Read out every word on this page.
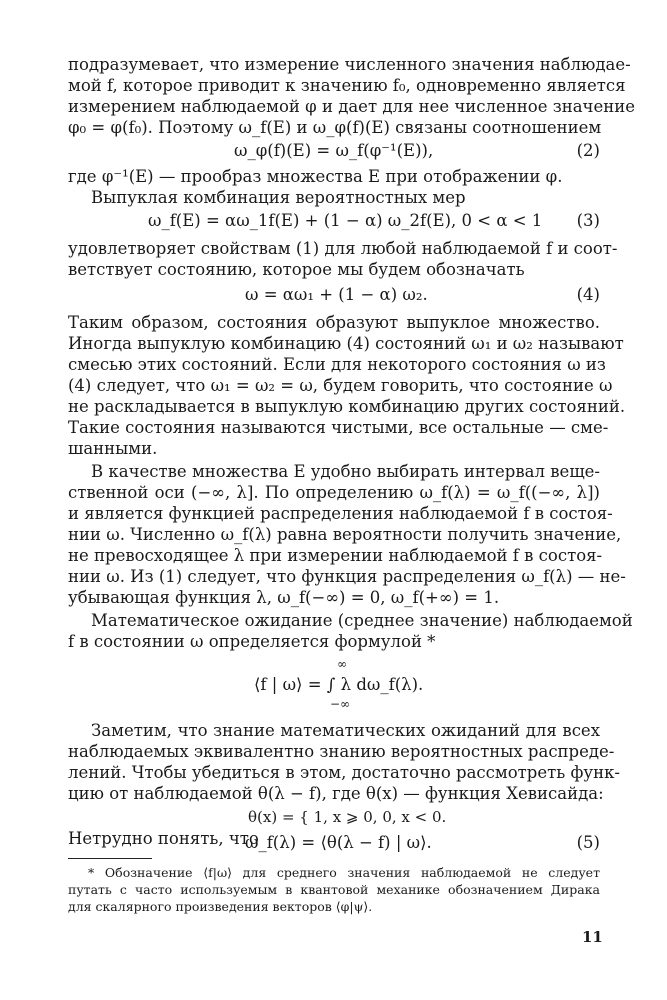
подразумевает, что измерение численного значения наблюдае-
мой f, которое приводит к значению f₀, одновременно является
измерением наблюдаемой φ и дает для нее численное значение
φ₀ = φ(f₀). Поэтому ω_f(E) и ω_φ(f)(E) связаны соотношением
ω_φ(f)(E) = ω_f(φ⁻¹(E)),	(2)
где φ⁻¹(E) — прообраз множества E при отображении φ.
Выпуклая комбинация вероятностных мер
ω_f(E) = αω_1f(E) + (1 − α) ω_2f(E), 0 < α < 1 (3)
удовлетворяет свойствам (1) для любой наблюдаемой f и соот-
ветствует состоянию, которое мы будем обозначать
ω = αω₁ + (1 − α) ω₂.	(4)
Таким образом, состояния образуют выпуклое множество.
Иногда выпуклую комбинацию (4) состояний ω₁ и ω₂ называют
смесью этих состояний. Если для некоторого состояния ω из
(4) следует, что ω₁ = ω₂ = ω, будем говорить, что состояние ω
не раскладывается в выпуклую комбинацию других состояний.
Такие состояния называются чистыми, все остальные — сме-
шанными.
В качестве множества E удобно выбирать интервал веще-
ственной оси (−∞, λ]. По определению ω_f(λ) = ω_f((−∞, λ])
и является функцией распределения наблюдаемой f в состоя-
нии ω. Численно ω_f(λ) равна вероятности получить значение,
не превосходящее λ при измерении наблюдаемой f в состоя-
нии ω. Из (1) следует, что функция распределения ω_f(λ) — не-
убывающая функция λ, ω_f(−∞) = 0, ω_f(+∞) = 1.
Математическое ожидание (среднее значение) наблюдаемой
f в состоянии ω определяется формулой *
⟨f | ω⟩ = ∫ λ dω_f(λ).
∞
−∞
Заметим, что знание математических ожиданий для всех
наблюдаемых эквивалентно знанию вероятностных распреде-
лений. Чтобы убедиться в этом, достаточно рассмотреть функ-
цию от наблюдаемой θ(λ − f), где θ(x) — функция Хевисайда:
θ(x) = { 1, x ⩾ 0, 0, x < 0.
Нетрудно понять, что
ω_f(λ) = ⟨θ(λ − f) | ω⟩.	(5)
* Обозначение ⟨f|ω⟩ для среднего значения наблюдаемой не следует
путать с часто используемым в квантовой механике обозначением Дирака
для скалярного произведения векторов ⟨φ|ψ⟩.
11
